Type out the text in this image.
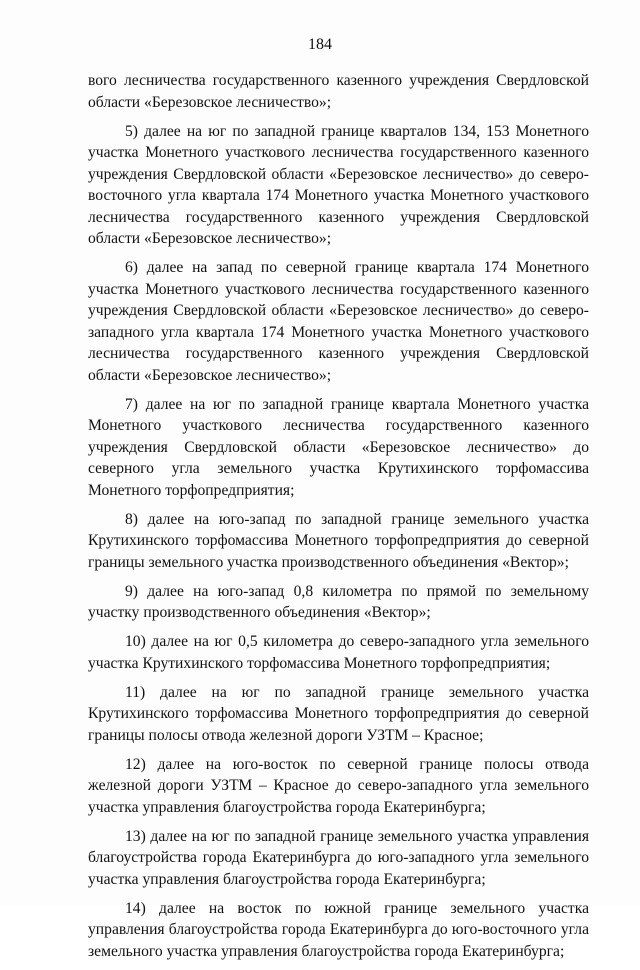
184

вого лесничества государственного казенного учреждения Свердловской области «Березовское лесничество»;

5) далее на юг по западной границе кварталов 134, 153 Монетного участка Монетного участкового лесничества государственного казенного учреждения Свердловской области «Березовское лесничество» до северо-восточного угла квартала 174 Монетного участка Монетного участкового лесничества государственного казенного учреждения Свердловской области «Березовское лесничество»;

6) далее на запад по северной границе квартала 174 Монетного участка Монетного участкового лесничества государственного казенного учреждения Свердловской области «Березовское лесничество» до северо-западного угла квартала 174 Монетного участка Монетного участкового лесничества государственного казенного учреждения Свердловской области «Березовское лесничество»;

7) далее на юг по западной границе квартала Монетного участка Монетного участкового лесничества государственного казенного учреждения Свердловской области «Березовское лесничество» до северного угла земельного участка Крутихинского торфомассива Монетного торфопредприятия;

8) далее на юго-запад по западной границе земельного участка Крутихинского торфомассива Монетного торфопредприятия до северной границы земельного участка производственного объединения «Вектор»;

9) далее на юго-запад 0,8 километра по прямой по земельному участку производственного объединения «Вектор»;

10) далее на юг 0,5 километра до северо-западного угла земельного участка Крутихинского торфомассива Монетного торфопредприятия;

11) далее на юг по западной границе земельного участка Крутихинского торфомассива Монетного торфопредприятия до северной границы полосы отвода железной дороги УЗТМ – Красное;

12) далее на юго-восток по северной границе полосы отвода железной дороги УЗТМ – Красное до северо-западного угла земельного участка управления благоустройства города Екатеринбурга;

13) далее на юг по западной границе земельного участка управления благоустройства города Екатеринбурга до юго-западного угла земельного участка управления благоустройства города Екатеринбурга;

14) далее на восток по южной границе земельного участка управления благоустройства города Екатеринбурга до юго-восточного угла земельного участка управления благоустройства города Екатеринбурга;
